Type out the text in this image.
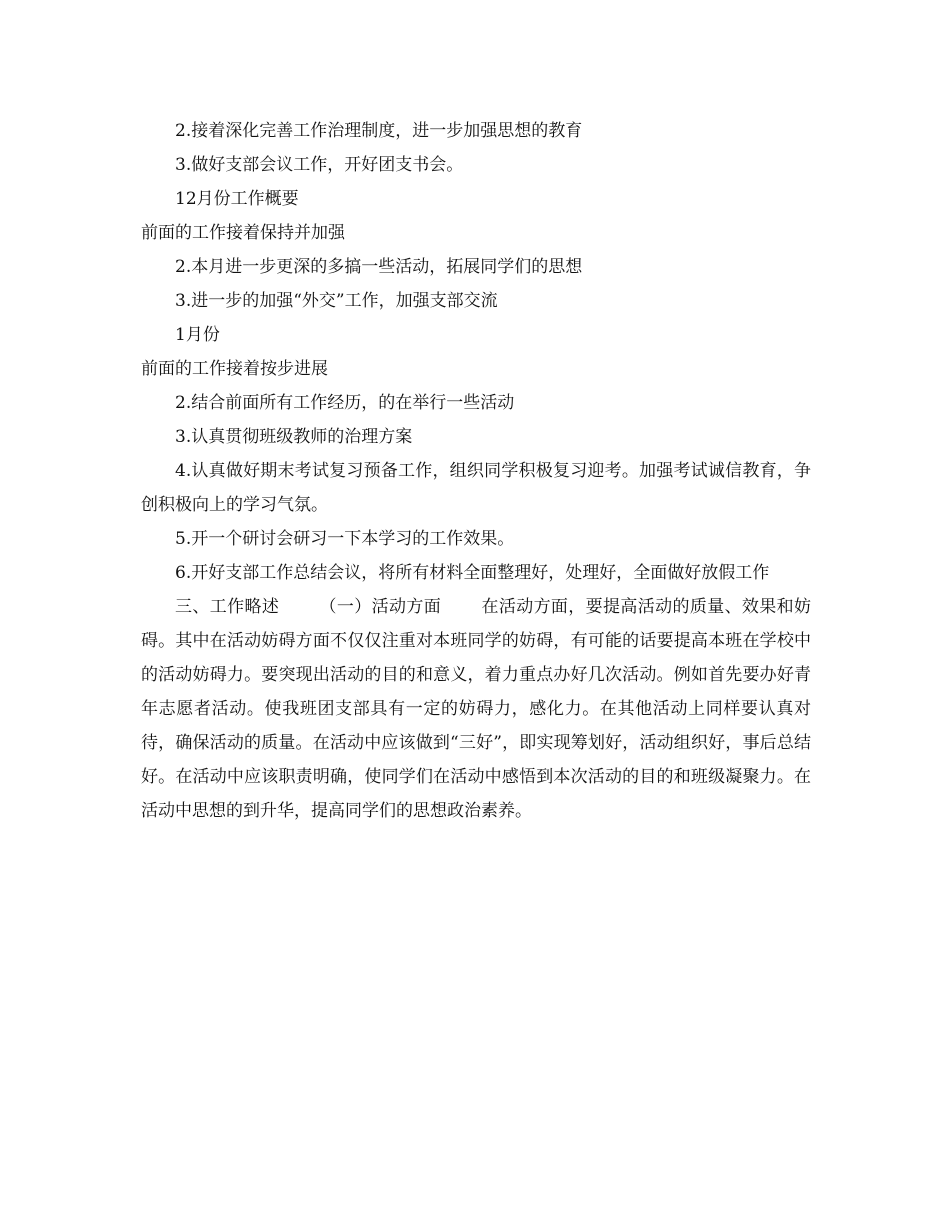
2.接着深化完善工作治理制度，进一步加强思想的教育
3.做好支部会议工作，开好团支书会。
12月份工作概要
前面的工作接着保持并加强
2.本月进一步更深的多搞一些活动，拓展同学们的思想
3.进一步的加强“外交”工作，加强支部交流
1月份
前面的工作接着按步进展
2.结合前面所有工作经历，的在举行一些活动
3.认真贯彻班级教师的治理方案

4.认真做好期末考试复习预备工作，组织同学积极复习迎考。加强考试诚信教育，争创积极向上的学习气氛。

5.开一个研讨会研习一下本学习的工作效果。

6.开好支部工作总结会议，将所有材料全面整理好，处理好，全面做好放假工作

三、工作略述 （一）活动方面 在活动方面，要提高活动的质量、效果和妨碍。其中在活动妨碍方面不仅仅注重对本班同学的妨碍，有可能的话要提高本班在学校中的活动妨碍力。要突现出活动的目的和意义，着力重点办好几次活动。例如首先要办好青年志愿者活动。使我班团支部具有一定的妨碍力，感化力。在其他活动上同样要认真对待，确保活动的质量。在活动中应该做到“三好”，即实现筹划好，活动组织好，事后总结好。在活动中应该职责明确，使同学们在活动中感悟到本次活动的目的和班级凝聚力。在活动中思想的到升华，提高同学们的思想政治素养。
